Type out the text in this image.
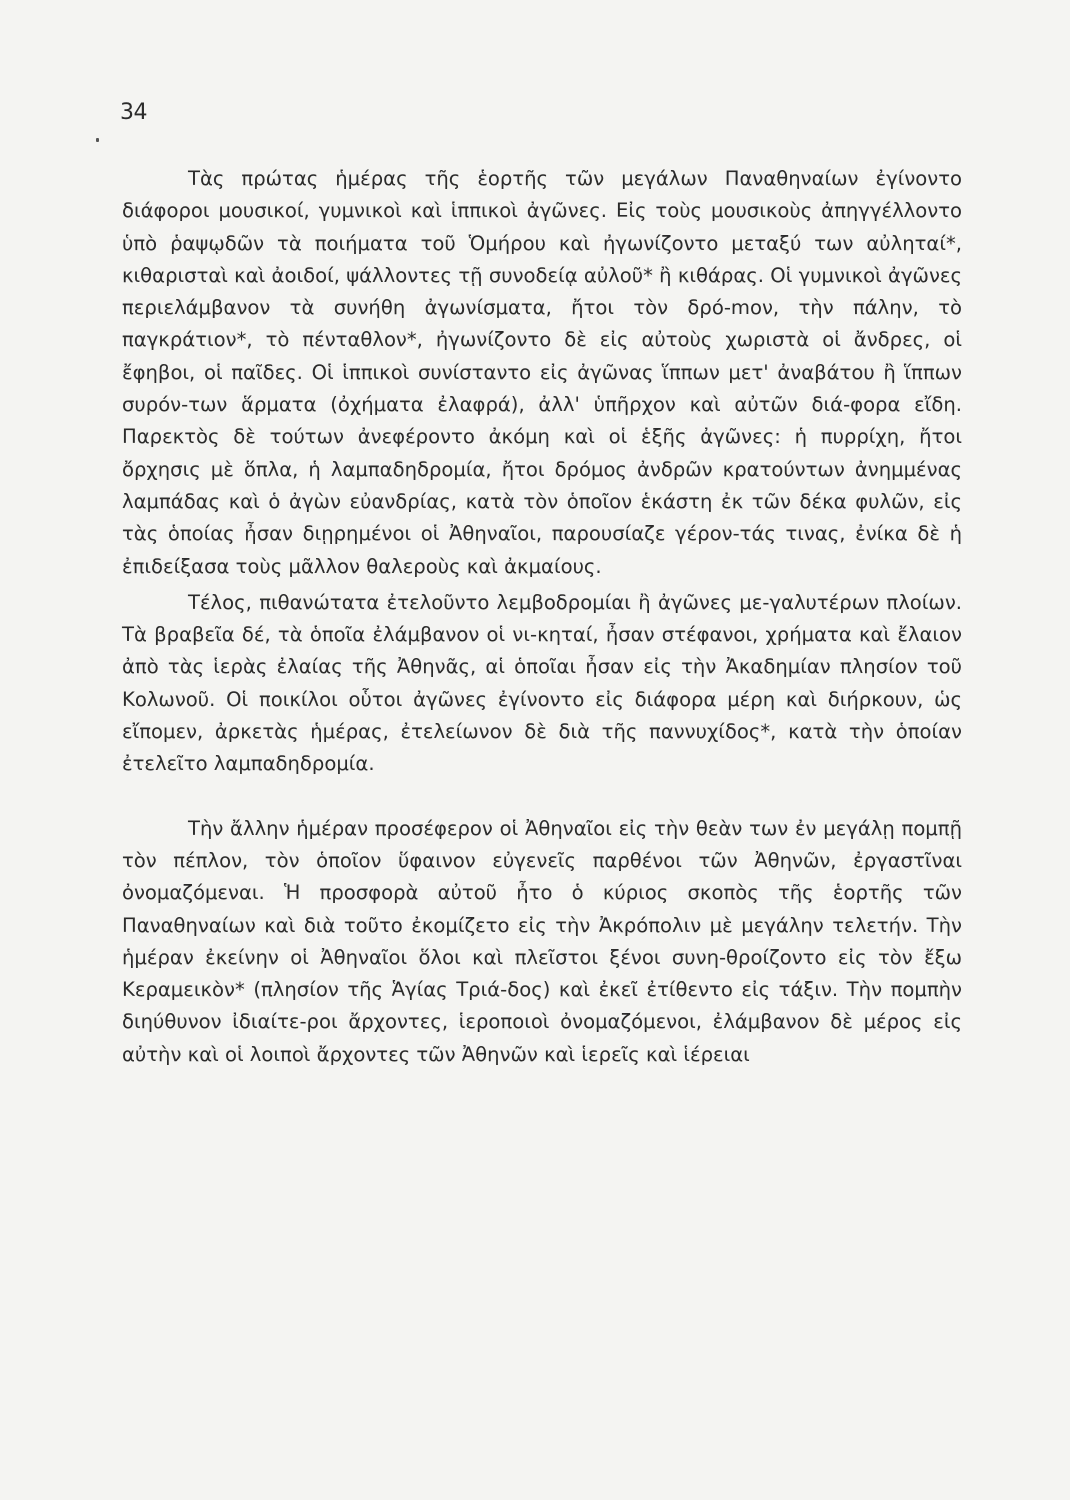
34

Τὰς πρώτας ἡμέρας τῆς ἑορτῆς τῶν μεγάλων Παναθηναίων ἐγίνοντο διάφοροι μουσικοί, γυμνικοὶ καὶ ἱππικοὶ ἀγῶνες. Εἰς τοὺς μουσικοὺς ἀπηγγέλλοντο ὑπὸ ῥαψῳδῶν τὰ ποιήματα τοῦ Ὁμήρου καὶ ἠγωνίζοντο μεταξύ των αὐληταί*, κιθαρισταὶ καὶ ἀοιδοί, ψάλλοντες τῇ συνοδείᾳ αὐλοῦ* ἢ κιθάρας. Οἱ γυμνικοὶ ἀγῶνες περιελάμβανον τὰ συνήθη ἀγωνίσματα, ἤτοι τὸν δρό-mον, τὴν πάλην, τὸ παγκράτιον*, τὸ πένταθλον*, ἠγωνίζοντο δὲ εἰς αὐτοὺς χωριστὰ οἱ ἄνδρες, οἱ ἔφηβοι, οἱ παῖδες. Οἱ ἱππικοὶ συνίσταντο εἰς ἀγῶνας ἵππων μετ' ἀναβάτου ἢ ἵππων συρόν-των ἅρματα (ὀχήματα ἐλαφρά), ἀλλ' ὑπῆρχον καὶ αὐτῶν διά-φορα εἴδη. Παρεκτὸς δὲ τούτων ἀνεφέροντο ἀκόμη καὶ οἱ ἑξῆς ἀγῶνες: ἡ πυρρίχη, ἤτοι ὄρχησις μὲ ὅπλα, ἡ λαμπαδηδρομία, ἤτοι δρόμος ἀνδρῶν κρατούντων ἀνημμένας λαμπάδας καὶ ὁ ἀγὼν εὐανδρίας, κατὰ τὸν ὁποῖον ἑκάστη ἐκ τῶν δέκα φυλῶν, εἰς τὰς ὁποίας ἦσαν διῃρημένοι οἱ Ἀθηναῖοι, παρουσίαζε γέρον-τάς τινας, ἐνίκα δὲ ἡ ἐπιδείξασα τοὺς μᾶλλον θαλεροὺς καὶ ἀκμαίους.

Τέλος, πιθανώτατα ἐτελοῦντο λεμβοδρομίαι ἢ ἀγῶνες με-γαλυτέρων πλοίων. Τὰ βραβεῖα δέ, τὰ ὁποῖα ἐλάμβανον οἱ νι-κηταί, ἦσαν στέφανοι, χρήματα καὶ ἔλαιον ἀπὸ τὰς ἱερὰς ἐλαίας τῆς Ἀθηνᾶς, αἱ ὁποῖαι ἦσαν εἰς τὴν Ἀκαδημίαν πλησίον τοῦ Κολωνοῦ. Οἱ ποικίλοι οὗτοι ἀγῶνες ἐγίνοντο εἰς διάφορα μέρη καὶ διήρκουν, ὡς εἴπομεν, ἀρκετὰς ἡμέρας, ἐτελείωνον δὲ διὰ τῆς παννυχίδος*, κατὰ τὴν ὁποίαν ἐτελεῖτο λαμπαδηδρομία.

Τὴν ἄλλην ἡμέραν προσέφερον οἱ Ἀθηναῖοι εἰς τὴν θεὰν των ἐν μεγάλῃ πομπῇ τὸν πέπλον, τὸν ὁποῖον ὕφαινον εὐγενεῖς παρθένοι τῶν Ἀθηνῶν, ἐργαστῖναι ὀνομαζόμεναι. Ἡ προσφορὰ αὐτοῦ ἦτο ὁ κύριος σκοπὸς τῆς ἑορτῆς τῶν Παναθηναίων καὶ διὰ τοῦτο ἐκομίζετο εἰς τὴν Ἀκρόπολιν μὲ μεγάλην τελετήν. Τὴν ἡμέραν ἐκείνην οἱ Ἀθηναῖοι ὅλοι καὶ πλεῖστοι ξένοι συνη-θροίζοντο εἰς τὸν ἔξω Κεραμεικὸν* (πλησίον τῆς Ἁγίας Τριά-δος) καὶ ἐκεῖ ἐτίθεντο εἰς τάξιν. Τὴν πομπὴν διηύθυνον ἰδιαίτε-ροι ἄρχοντες, ἱεροποιοὶ ὀνομαζόμενοι, ἐλάμβανον δὲ μέρος εἰς αὐτὴν καὶ οἱ λοιποὶ ἄρχοντες τῶν Ἀθηνῶν καὶ ἱερεῖς καὶ ἱέρειαι
